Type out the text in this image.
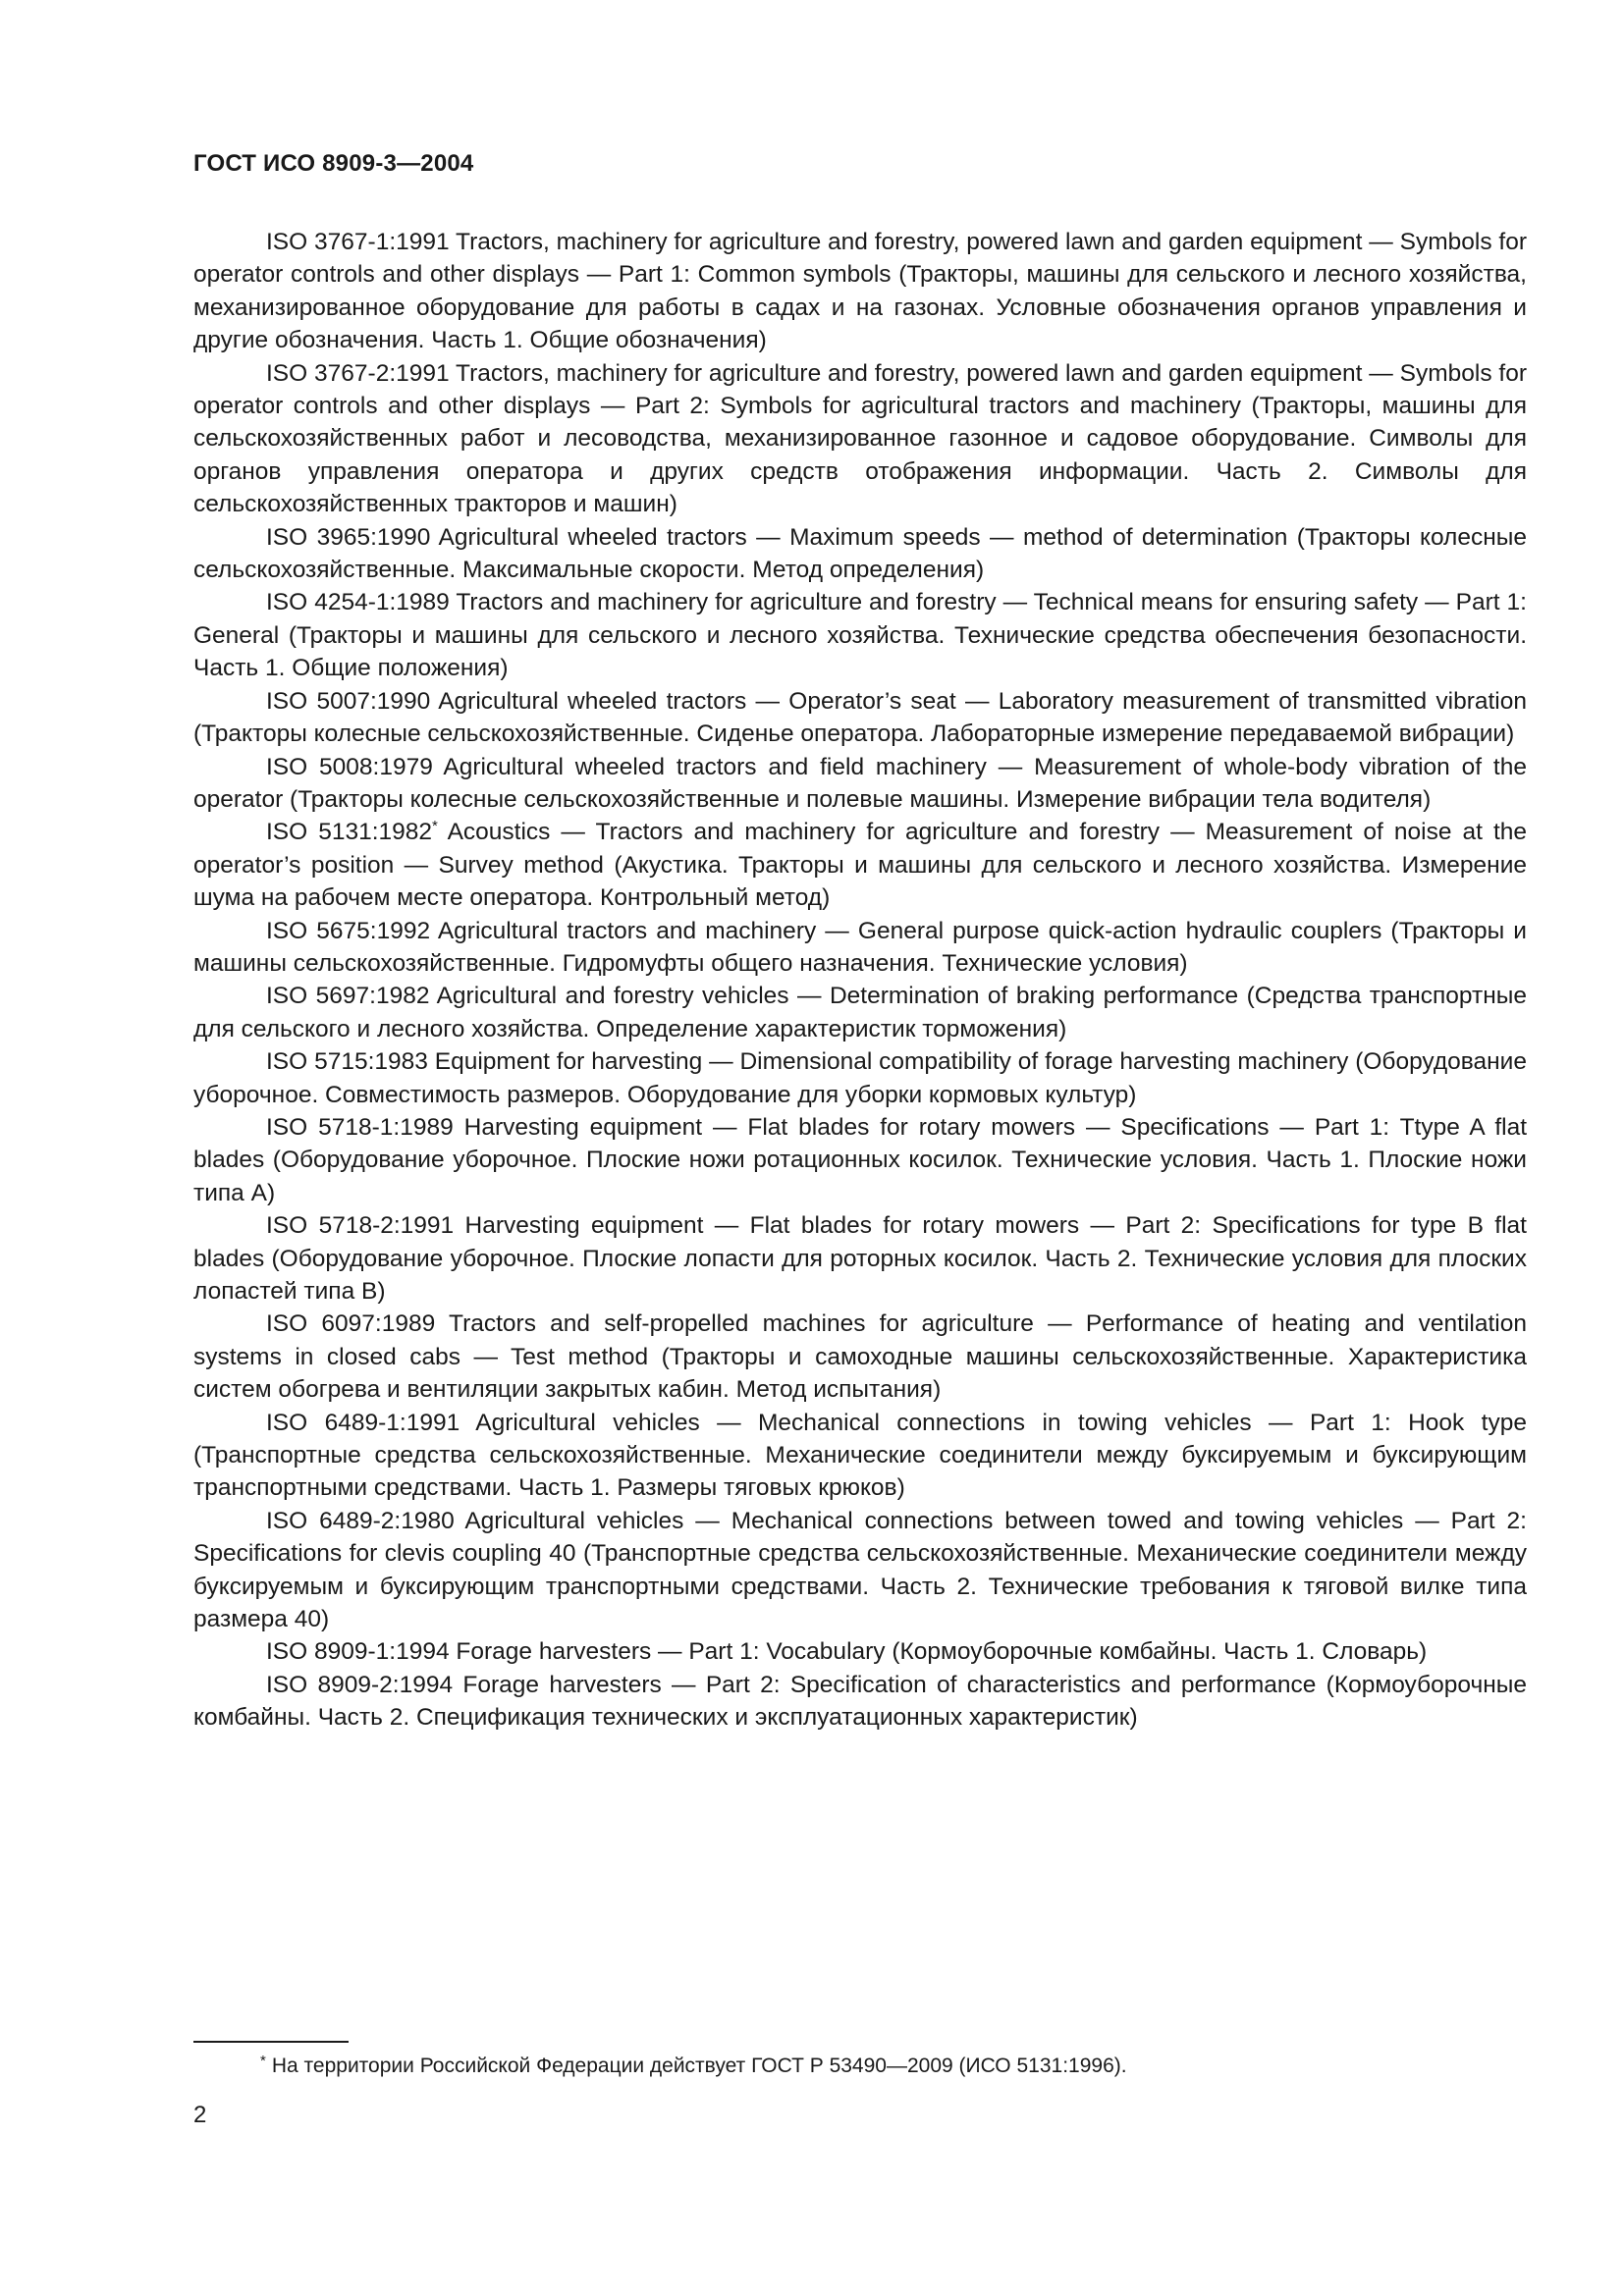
ГОСТ ИСО 8909-3—2004

ISO 3767-1:1991 Tractors, machinery for agriculture and forestry, powered lawn and garden equipment — Symbols for operator controls and other displays — Part 1: Common symbols (Тракторы, машины для сельского и лесного хозяйства, механизированное оборудование для работы в садах и на газонах. Условные обозначения органов управления и другие обозначения. Часть 1. Общие обозначения)

ISO 3767-2:1991 Tractors, machinery for agriculture and forestry, powered lawn and garden equipment — Symbols for operator controls and other displays — Part 2: Symbols for agricultural tractors and machinery (Тракторы, машины для сельскохозяйственных работ и лесоводства, механизированное газонное и садовое оборудование. Символы для органов управления оператора и других средств отображения информации. Часть 2. Символы для сельскохозяйственных тракторов и машин)

ISO 3965:1990 Agricultural wheeled tractors — Maximum speeds — method of determination (Тракторы колесные сельскохозяйственные. Максимальные скорости. Метод определения)

ISO 4254-1:1989 Tractors and machinery for agriculture and forestry — Technical means for ensuring safety — Part 1: General (Тракторы и машины для сельского и лесного хозяйства. Технические средства обеспечения безопасности. Часть 1. Общие положения)

ISO 5007:1990 Agricultural wheeled tractors — Operator’s seat — Laboratory measurement of transmitted vibration (Тракторы колесные сельскохозяйственные. Сиденье оператора. Лабораторные измерение передаваемой вибрации)

ISO 5008:1979 Agricultural wheeled tractors and field machinery — Measurement of whole-body vibration of the operator (Тракторы колесные сельскохозяйственные и полевые машины. Измерение вибрации тела водителя)

ISO 5131:1982* Acoustics — Tractors and machinery for agriculture and forestry — Measurement of noise at the operator’s position — Survey method (Акустика. Тракторы и машины для сельского и лесного хозяйства. Измерение шума на рабочем месте оператора. Контрольный метод)

ISO 5675:1992 Agricultural tractors and machinery — General purpose quick-action hydraulic couplers (Тракторы и машины сельскохозяйственные. Гидромуфты общего назначения. Технические условия)

ISO 5697:1982 Agricultural and forestry vehicles — Determination of braking performance (Средства транспортные для сельского и лесного хозяйства. Определение характеристик торможения)

ISO 5715:1983 Equipment for harvesting — Dimensional compatibility of forage harvesting machinery (Оборудование уборочное. Совместимость размеров. Оборудование для уборки кормовых культур)

ISO 5718-1:1989 Harvesting equipment — Flat blades for rotary mowers — Specifications — Part 1: Ttype A flat blades (Оборудование уборочное. Плоские ножи ротационных косилок. Технические условия. Часть 1. Плоские ножи типа A)

ISO 5718-2:1991 Harvesting equipment — Flat blades for rotary mowers — Part 2: Specifications for type B flat blades (Оборудование уборочное. Плоские лопасти для роторных косилок. Часть 2. Технические условия для плоских лопастей типа B)

ISO 6097:1989 Tractors and self-propelled machines for agriculture — Performance of heating and ventilation systems in closed cabs — Test method (Тракторы и самоходные машины сельскохозяйственные. Характеристика систем обогрева и вентиляции закрытых кабин. Метод испытания)

ISO 6489-1:1991 Agricultural vehicles — Mechanical connections in towing vehicles — Part 1: Hook type (Транспортные средства сельскохозяйственные. Механические соединители между буксируемым и буксирующим транспортными средствами. Часть 1. Размеры тяговых крюков)

ISO 6489-2:1980 Agricultural vehicles — Mechanical connections between towed and towing vehicles — Part 2: Specifications for clevis coupling 40 (Транспортные средства сельскохозяйственные. Механические соединители между буксируемым и буксирующим транспортными средствами. Часть 2. Технические требования к тяговой вилке типа размера 40)

ISO 8909-1:1994 Forage harvesters — Part 1: Vocabulary (Кормоуборочные комбайны. Часть 1. Словарь)

ISO 8909-2:1994 Forage harvesters — Part 2: Specification of characteristics and performance (Кормоуборочные комбайны. Часть 2. Спецификация технических и эксплуатационных характеристик)

* На территории Российской Федерации действует ГОСТ Р 53490—2009 (ИСО 5131:1996).
2
